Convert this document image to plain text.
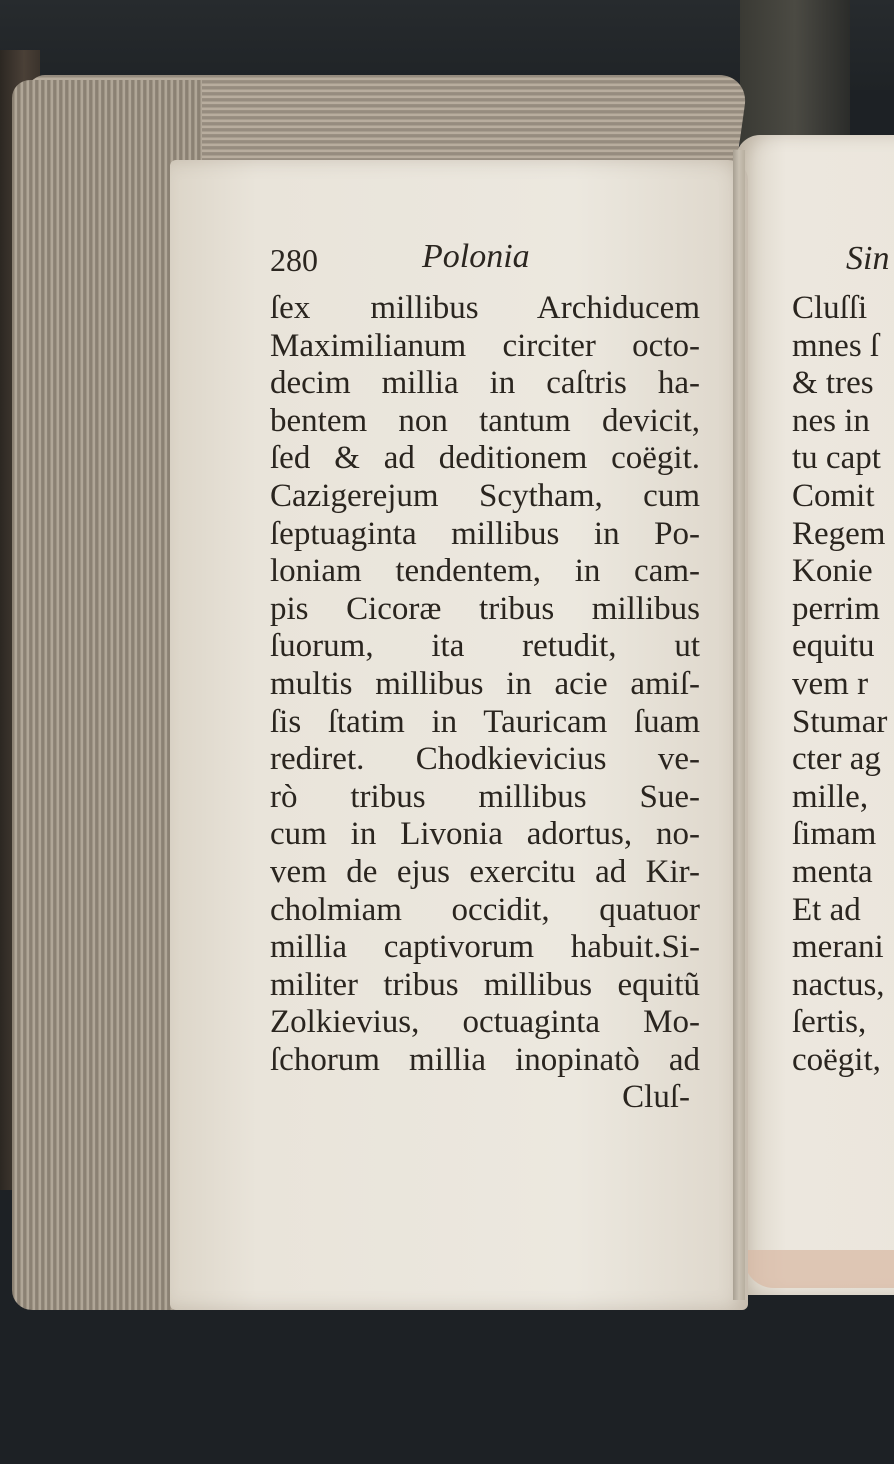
280	Polonia
ſex millibus Archiducem
Maximilianum circiter octo-
decim millia in caſtris ha-
bentem non tantum devicit,
ſed & ad deditionem coëgit.
Cazigerejum Scytham, cum
ſeptuaginta millibus in Po-
loniam tendentem, in cam-
pis Cicoræ tribus millibus
ſuorum, ita retudit, ut
multis millibus in acie amiſ-
ſis ſtatim in Tauricam ſuam
rediret. Chodkievicius ve-
rò tribus millibus Sue-
cum in Livonia adortus, no-
vem de ejus exercitu ad Kir-
cholmiam occidit, quatuor
millia captivorum habuit.Si-
militer tribus millibus equitũ
Zolkievius, octuaginta Mo-
ſchorum millia inopinatò ad
Cluſ-
Sin
Cluſſi
mnes ſ
& tres
nes in
tu capt
Comit
Regem
Konie
perrim
equitu
vem r
Stumar
cter ag
mille,
ſimam
menta
Et ad
merani
nactus,
ſertis,
coëgit,
